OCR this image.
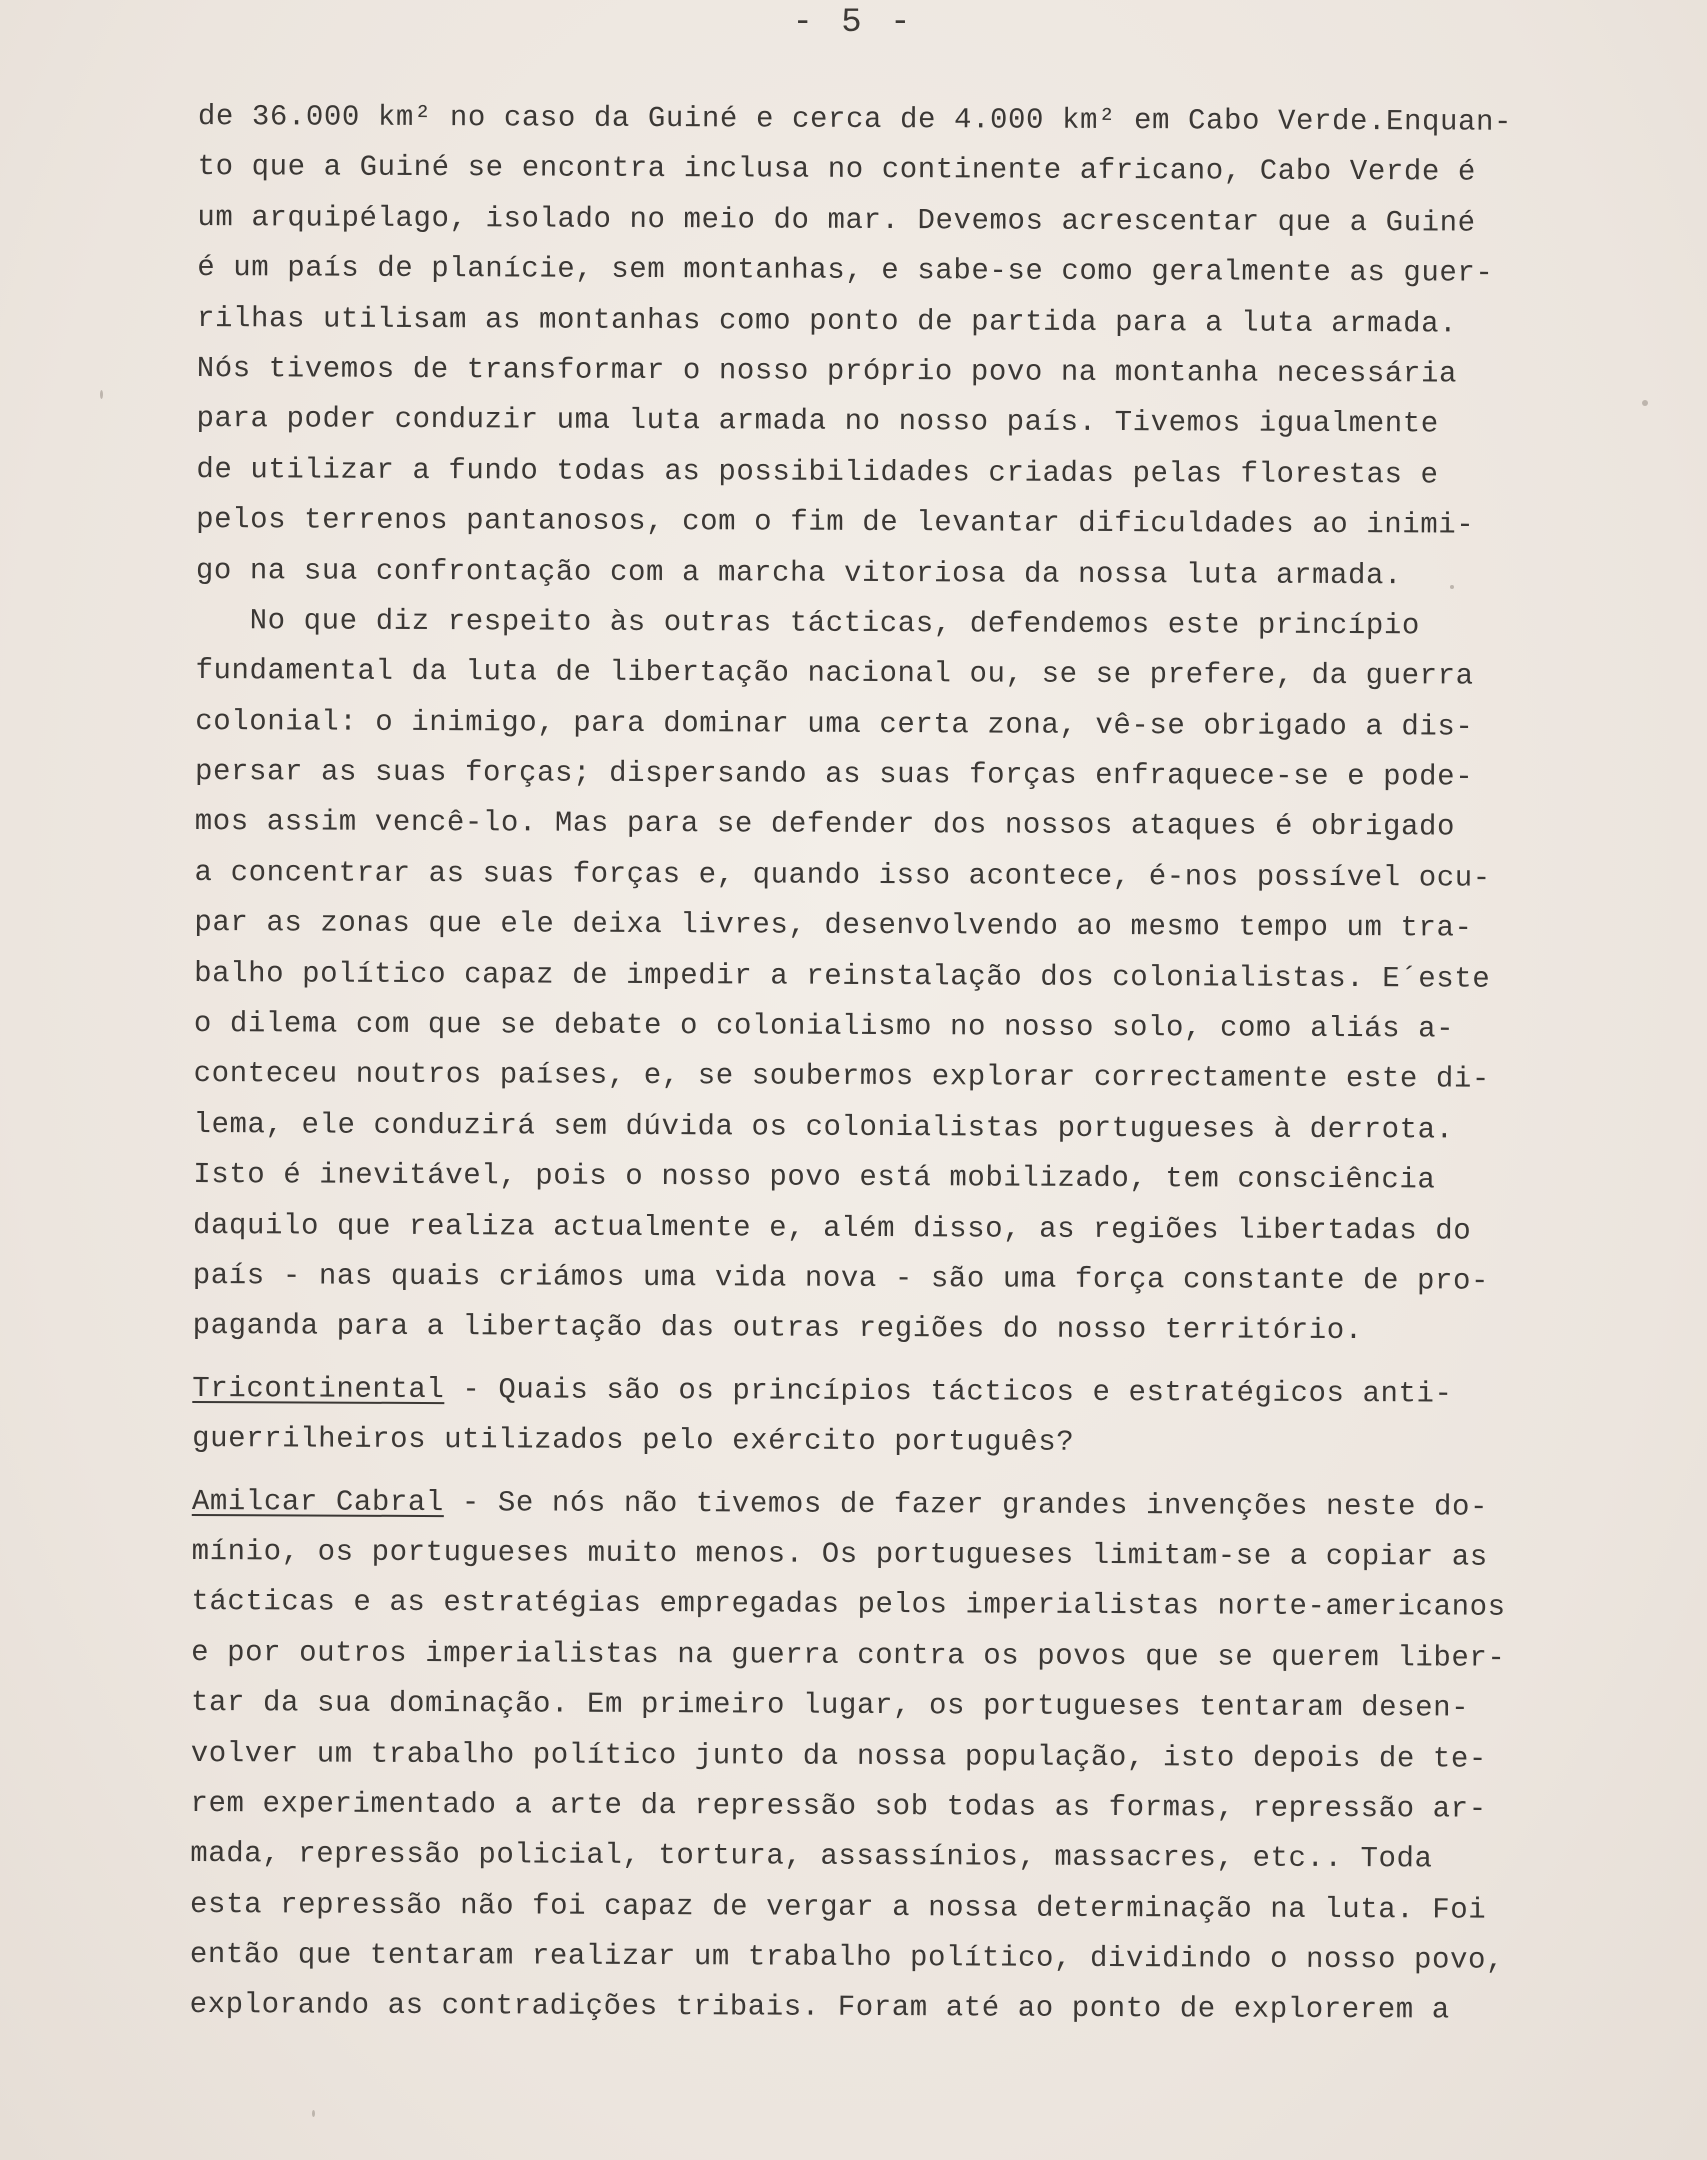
- 5 -
de 36.000 km² no caso da Guiné e cerca de 4.000 km² em Cabo Verde.Enquan-
to que a Guiné se encontra inclusa no continente africano, Cabo Verde é
um arquipélago, isolado no meio do mar. Devemos acrescentar que a Guiné
é um país de planície, sem montanhas, e sabe-se como geralmente as guer-
rilhas utilisam as montanhas como ponto de partida para a luta armada.
Nós tivemos de transformar o nosso próprio povo na montanha necessária
para poder conduzir uma luta armada no nosso país. Tivemos igualmente
de utilizar a fundo todas as possibilidades criadas pelas florestas e
pelos terrenos pantanosos, com o fim de levantar dificuldades ao inimi-
go na sua confrontação com a marcha vitoriosa da nossa luta armada.
No que diz respeito às outras tácticas, defendemos este princípio
fundamental da luta de libertação nacional ou, se se prefere, da guerra
colonial: o inimigo, para dominar uma certa zona, vê-se obrigado a dis-
persar as suas forças; dispersando as suas forças enfraquece-se e pode-
mos assim vencê-lo. Mas para se defender dos nossos ataques é obrigado
a concentrar as suas forças e, quando isso acontece, é-nos possível ocu-
par as zonas que ele deixa livres, desenvolvendo ao mesmo tempo um tra-
balho político capaz de impedir a reinstalação dos colonialistas. E´este
o dilema com que se debate o colonialismo no nosso solo, como aliás a-
conteceu noutros países, e, se soubermos explorar correctamente este di-
lema, ele conduzirá sem dúvida os colonialistas portugueses à derrota.
Isto é inevitável, pois o nosso povo está mobilizado, tem consciência
daquilo que realiza actualmente e, além disso, as regiões libertadas do
país - nas quais criámos uma vida nova - são uma força constante de pro-
paganda para a libertação das outras regiões do nosso território.
Tricontinental - Quais são os princípios tácticos e estratégicos anti-
guerrilheiros utilizados pelo exército português?
Amilcar Cabral - Se nós não tivemos de fazer grandes invenções neste do-
mínio, os portugueses muito menos. Os portugueses limitam-se a copiar as
tácticas e as estratégias empregadas pelos imperialistas norte-americanos
e por outros imperialistas na guerra contra os povos que se querem liber-
tar da sua dominação. Em primeiro lugar, os portugueses tentaram desen-
volver um trabalho político junto da nossa população, isto depois de te-
rem experimentado a arte da repressão sob todas as formas, repressão ar-
mada, repressão policial, tortura, assassínios, massacres, etc.. Toda
esta repressão não foi capaz de vergar a nossa determinação na luta. Foi
então que tentaram realizar um trabalho político, dividindo o nosso povo,
explorando as contradições tribais. Foram até ao ponto de explorerem a
